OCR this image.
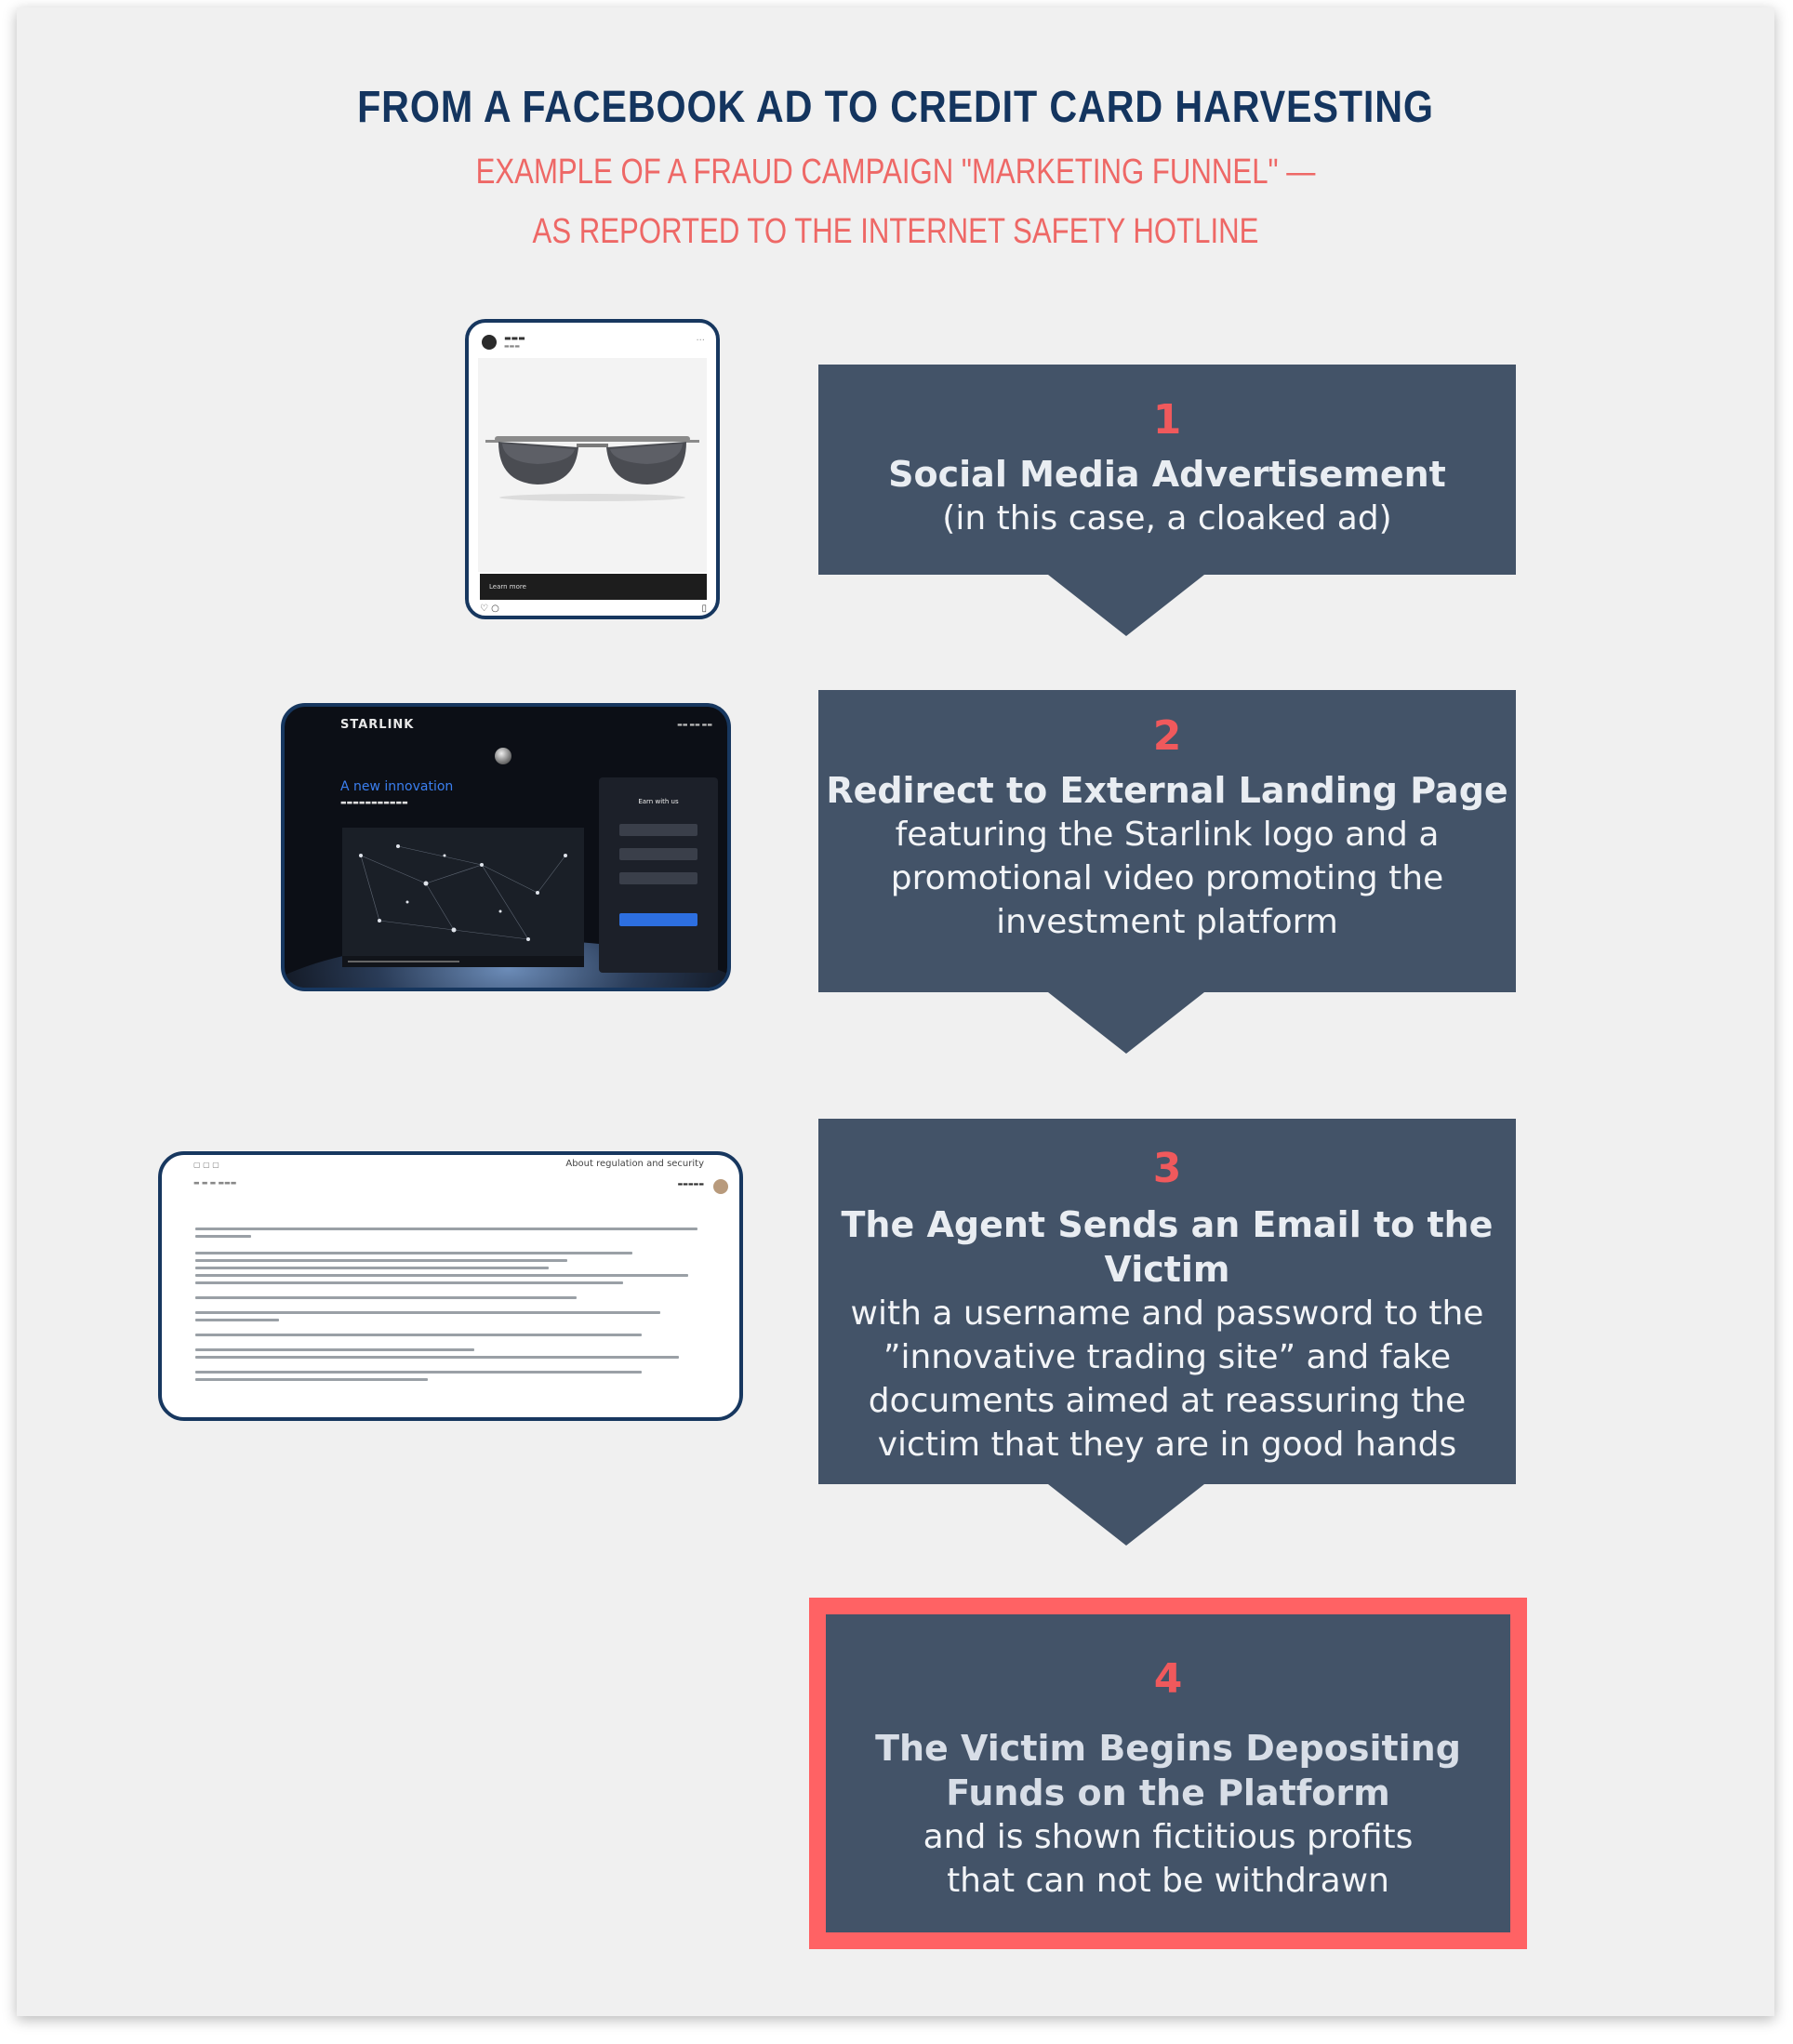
FROM A FACEBOOK AD TO CREDIT CARD HARVESTING
EXAMPLE OF A FRAUD CAMPAIGN "MARKETING FUNNEL" —
AS REPORTED TO THE INTERNET SAFETY HOTLINE
▬▬▬
▬▬▬
···
Learn more
♡ ○	▯
STARLINK	▬▬ ▬▬ ▬▬
A new innovation
▬▬▬▬▬▬▬▬▬▬▬	Earn with us
▢ ▢ ▢	About regulation and security
▬ ▬ ▬ ▬▬▬	▬▬▬▬▬
1
Social Media Advertisement
(in this case, a cloaked ad)
2
Redirect to External Landing Page
featuring the Starlink logo and a
promotional video promoting the
investment platform
3
The Agent Sends an Email to the Victim
with a username and password to the
”innovative trading site” and fake
documents aimed at reassuring the
victim that they are in good hands
4
The Victim Begins Depositing
Funds on the Platform
and is shown fictitious profits
that can not be withdrawn
